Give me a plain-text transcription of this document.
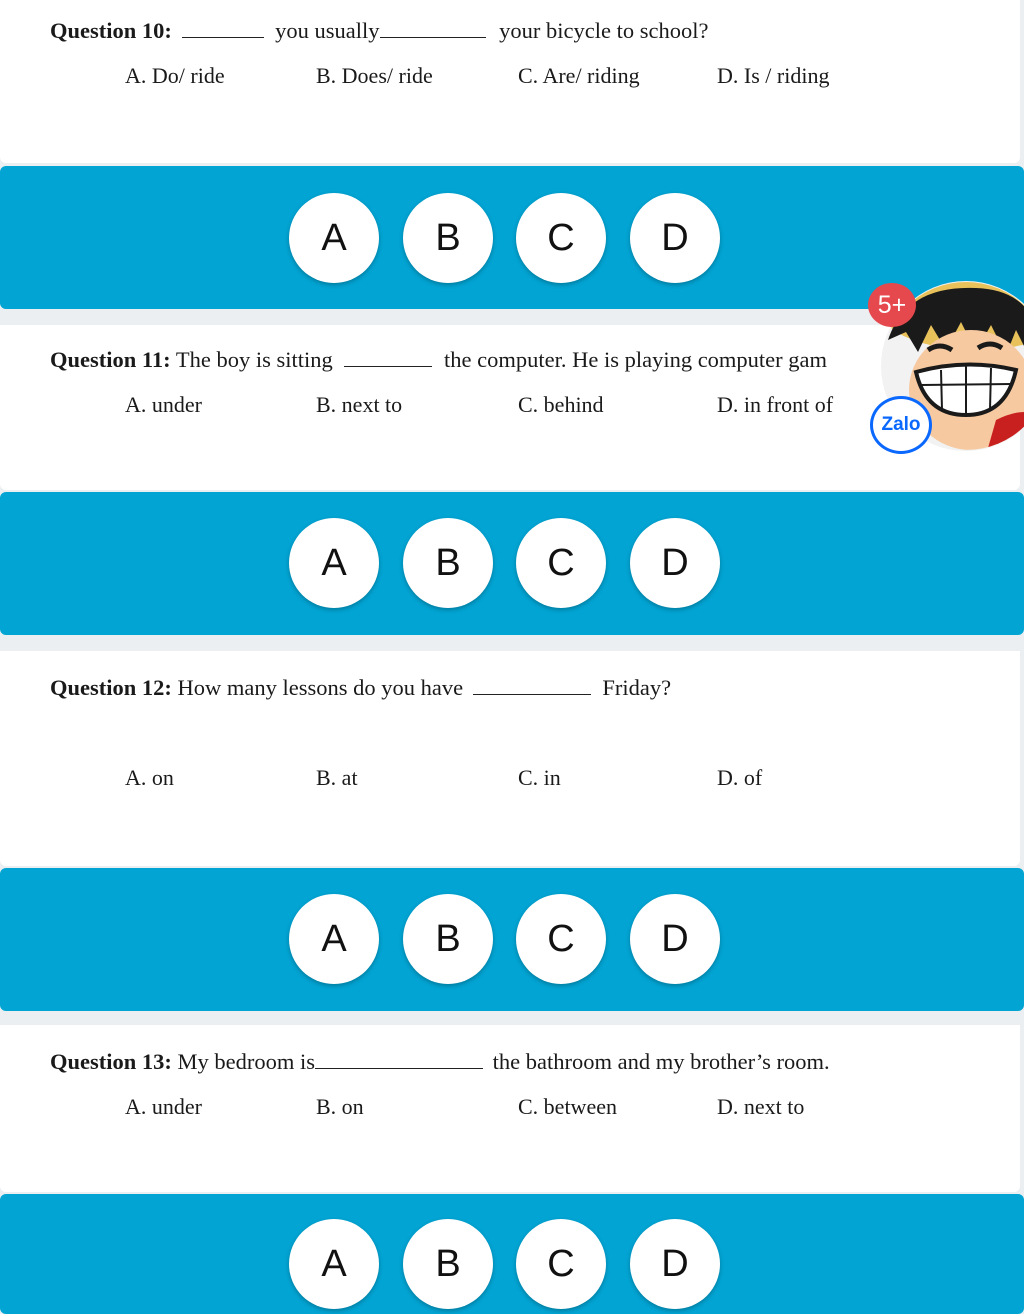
Question 10:	you usually	your bicycle to school?
A. Do/ ride	B. Does/ ride	C. Are/ riding	D. Is / riding
A	B	C	D
Question 11: The boy is sitting	the computer. He is playing computer gam
A. under	B. next to	C. behind	D. in front of
A	B	C	D
Question 12: How many lessons do you have	Friday?
A. on	B. at	C. in	D. of
A	B	C	D
Question 13: My bedroom is	the bathroom and my brother’s room.
A. under	B. on	C. between	D. next to
A	B	C	D
5+
Zalo
